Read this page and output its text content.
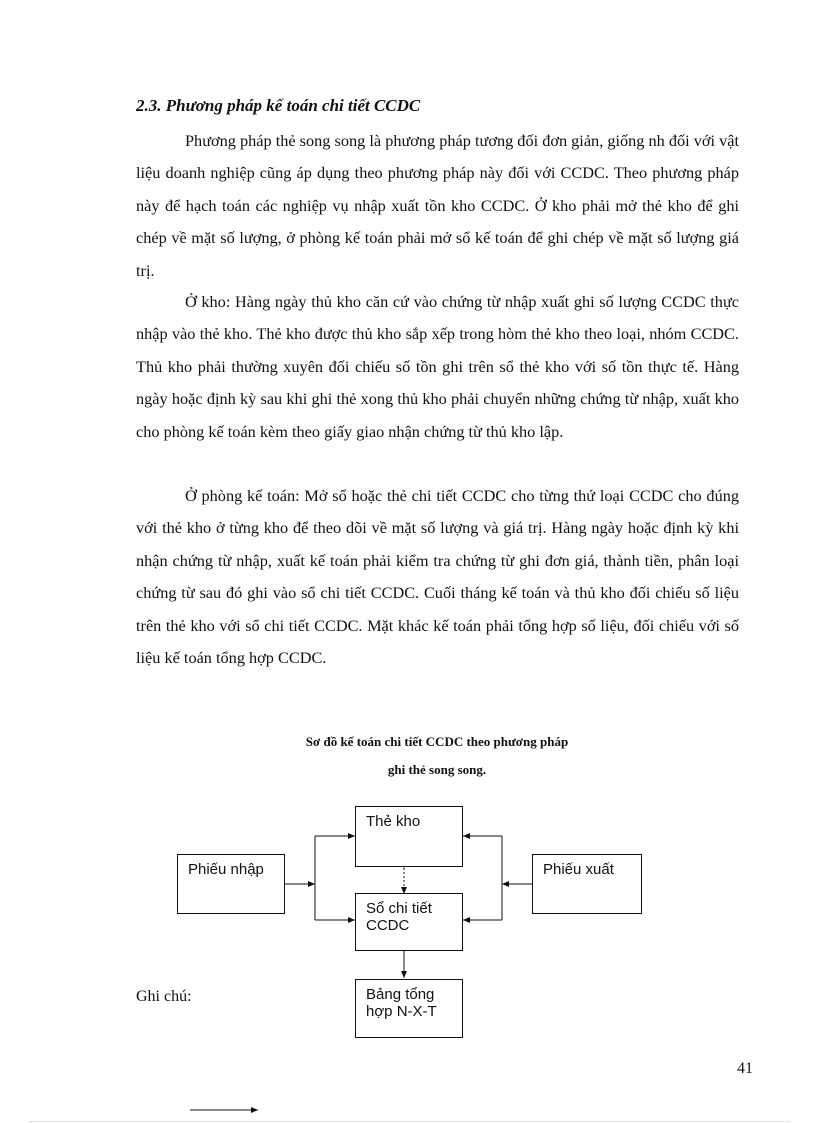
2.3. Phương pháp kế toán chi tiết CCDC

Phương pháp thẻ song song là phương pháp tương đối đơn giản, giống nh đối với vật liệu doanh nghiệp cũng áp dụng theo phương pháp này đối với CCDC. Theo phương pháp này để hạch toán các nghiệp vụ nhập xuất tồn kho CCDC. Ở kho phải mở thẻ kho để ghi chép về mặt số lượng, ở phòng kế toán phải mở sổ kế toán để ghi chép về mặt số lượng giá trị.

Ở kho: Hàng ngày thủ kho căn cứ vào chứng từ nhập xuất ghi số lượng CCDC thực nhập vào thẻ kho. Thẻ kho được thủ kho sắp xếp trong hòm thẻ kho theo loại, nhóm CCDC. Thủ kho phải thường xuyên đối chiếu số tồn ghi trên sổ thẻ kho với số tồn thực tế. Hàng ngày hoặc định kỳ sau khi ghi thẻ xong thủ kho phải chuyển những chứng từ nhập, xuất kho cho phòng kế toán kèm theo giấy giao nhận chứng từ thủ kho lập.

Ở phòng kế toán: Mở sổ hoặc thẻ chi tiết CCDC cho từng thứ loại CCDC cho đúng với thẻ kho ở từng kho để theo dõi về mặt số lượng và giá trị. Hàng ngày hoặc định kỳ khi nhận chứng từ nhập, xuất kế toán phải kiểm tra chứng từ ghi đơn giá, thành tiền, phân loại chứng từ sau đó ghi vào sổ chi tiết CCDC. Cuối tháng kế toán và thủ kho đối chiếu số liệu trên thẻ kho với sổ chi tiết CCDC. Mặt khác kế toán phải tổng hợp số liệu, đối chiếu với số liệu kế toán tổng hợp CCDC.

Sơ đồ kế toán chi tiết CCDC theo phương pháp
ghi thẻ song song.
Thẻ kho
Phiếu nhập	Phiếu xuất
Sổ chi tiết
CCDC
Bảng tổng
hợp N-X-T
Ghi chú:
41
